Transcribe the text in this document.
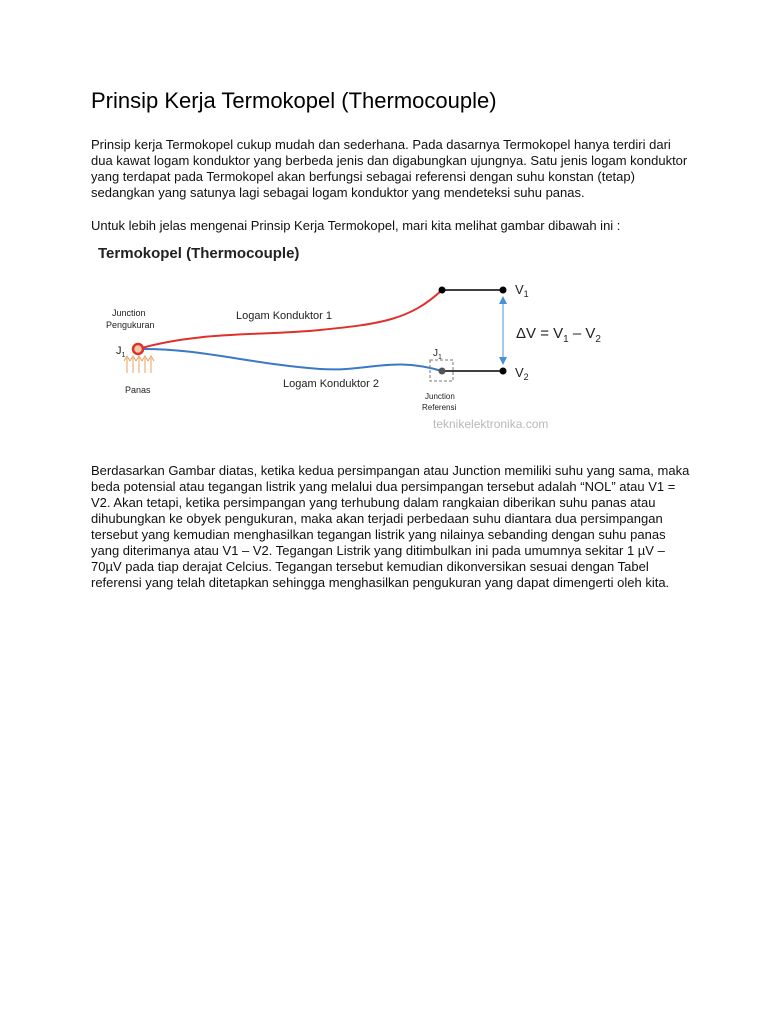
Prinsip Kerja Termokopel (Thermocouple)

Prinsip kerja Termokopel cukup mudah dan sederhana. Pada dasarnya Termokopel hanya terdiri dari dua kawat logam konduktor yang berbeda jenis dan digabungkan ujungnya. Satu jenis logam konduktor yang terdapat pada Termokopel akan berfungsi sebagai referensi dengan suhu konstan (tetap) sedangkan yang satunya lagi sebagai logam konduktor yang mendeteksi suhu panas.

Untuk lebih jelas mengenai Prinsip Kerja Termokopel, mari kita melihat gambar dibawah ini :

Termokopel (Thermocouple)
Junction
Pengukuran
$J_1$
Panas
Logam Konduktor 1
Logam Konduktor 2
$J_1$
Junction
Referensi
$V_1$
$V_2$
$\Delta V = V_1 - V_2$
teknikelektronika.com

Berdasarkan Gambar diatas, ketika kedua persimpangan atau Junction memiliki suhu yang sama, maka beda potensial atau tegangan listrik yang melalui dua persimpangan tersebut adalah “NOL” atau V1 = V2. Akan tetapi, ketika persimpangan yang terhubung dalam rangkaian diberikan suhu panas atau dihubungkan ke obyek pengukuran, maka akan terjadi perbedaan suhu diantara dua persimpangan tersebut yang kemudian menghasilkan tegangan listrik yang nilainya sebanding dengan suhu panas yang diterimanya atau V1 – V2. Tegangan Listrik yang ditimbulkan ini pada umumnya sekitar 1 µV – 70µV pada tiap derajat Celcius. Tegangan tersebut kemudian dikonversikan sesuai dengan Tabel referensi yang telah ditetapkan sehingga menghasilkan pengukuran yang dapat dimengerti oleh kita.
